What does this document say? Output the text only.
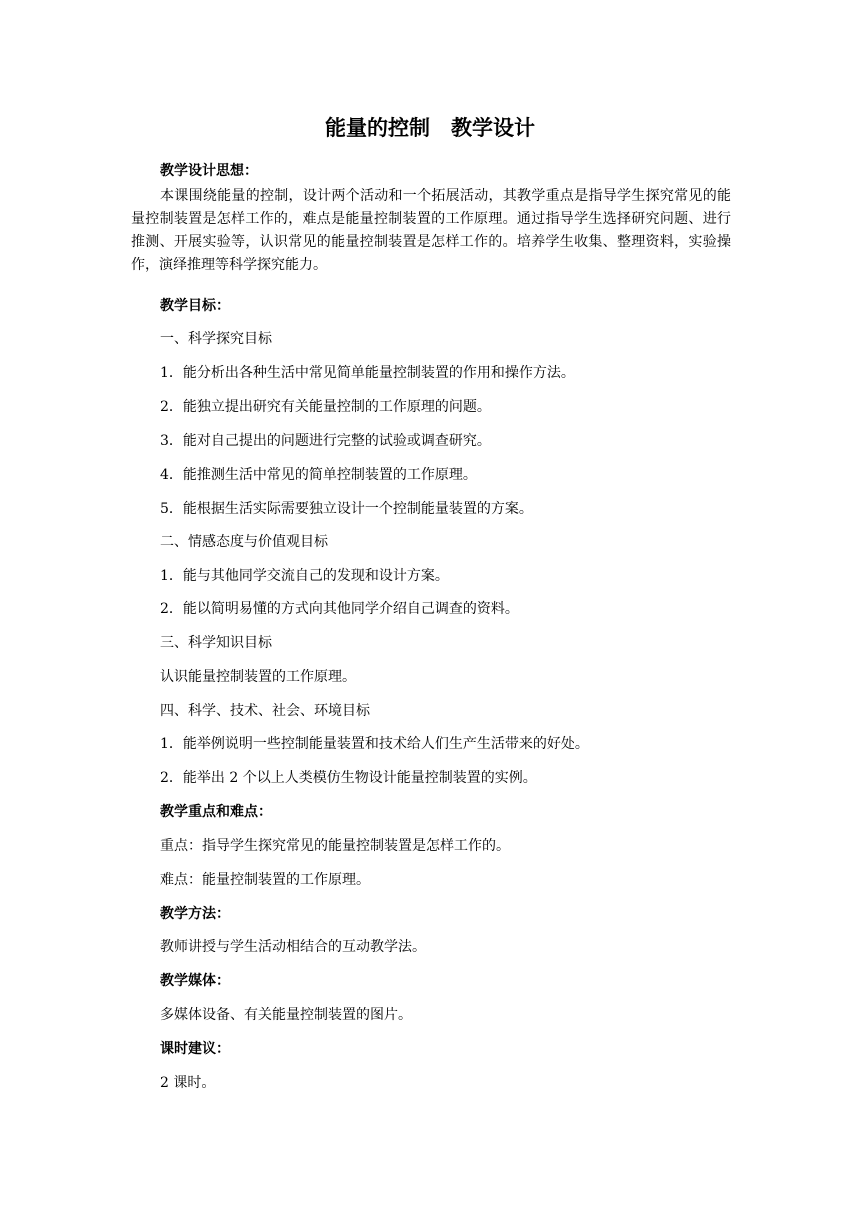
能量的控制　教学设计
教学设计思想：
本课围绕能量的控制，设计两个活动和一个拓展活动，其教学重点是指导学生探究常见的能量控制装置是怎样工作的，难点是能量控制装置的工作原理。通过指导学生选择研究问题、进行推测、开展实验等，认识常见的能量控制装置是怎样工作的。培养学生收集、整理资料，实验操作，演绎推理等科学探究能力。
教学目标：
一、科学探究目标
1．能分析出各种生活中常见简单能量控制装置的作用和操作方法。
2．能独立提出研究有关能量控制的工作原理的问题。
3．能对自己提出的问题进行完整的试验或调查研究。
4．能推测生活中常见的简单控制装置的工作原理。
5．能根据生活实际需要独立设计一个控制能量装置的方案。
二、情感态度与价值观目标
1．能与其他同学交流自己的发现和设计方案。
2．能以简明易懂的方式向其他同学介绍自己调查的资料。
三、科学知识目标
认识能量控制装置的工作原理。
四、科学、技术、社会、环境目标
1．能举例说明一些控制能量装置和技术给人们生产生活带来的好处。
2．能举出 2 个以上人类模仿生物设计能量控制装置的实例。
教学重点和难点：
重点：指导学生探究常见的能量控制装置是怎样工作的。
难点：能量控制装置的工作原理。
教学方法：
教师讲授与学生活动相结合的互动教学法。
教学媒体：
多媒体设备、有关能量控制装置的图片。
课时建议：
2 课时。
